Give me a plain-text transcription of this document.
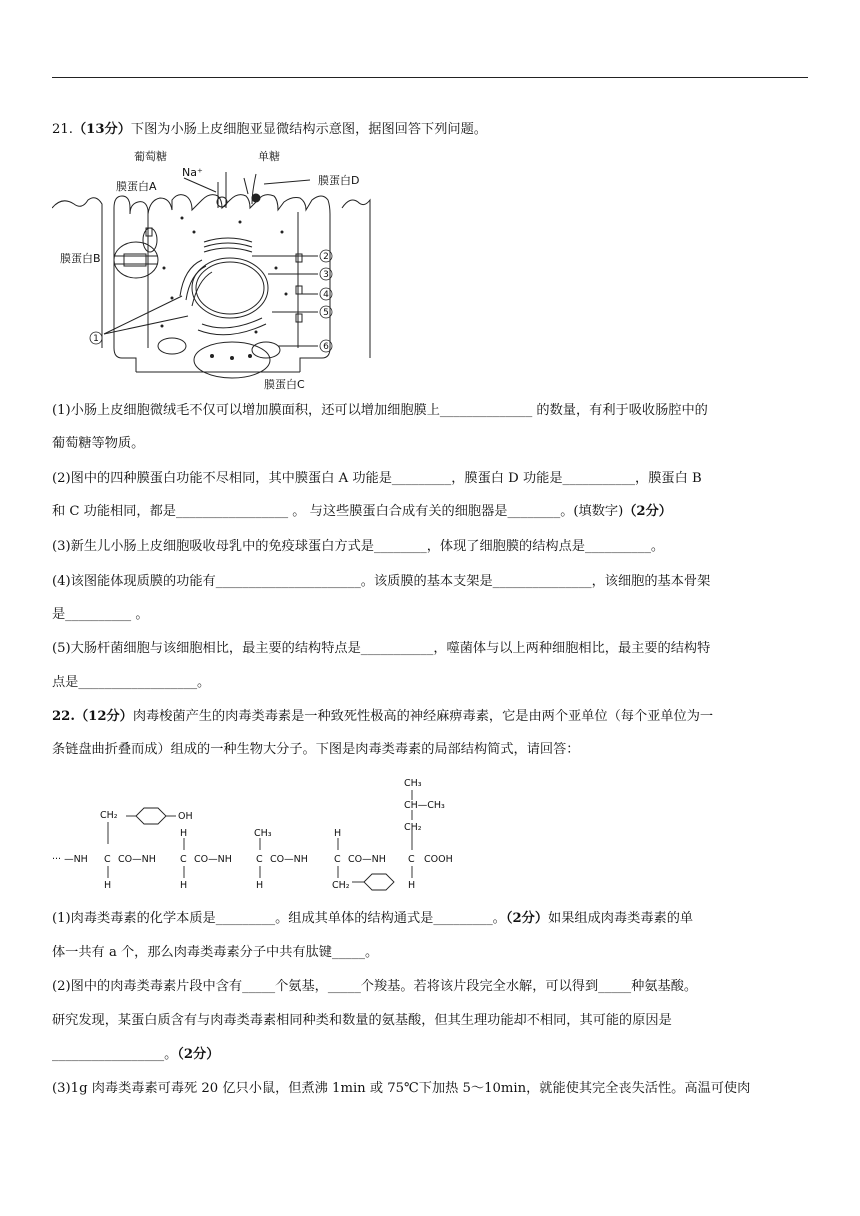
21.（13分）下图为小肠上皮细胞亚显微结构示意图，据图回答下列问题。
葡萄糖	单糖
Na⁺
膜蛋白A	膜蛋白D
膜蛋白B
膜蛋白C
1
2
3
4
5
6
(1)小肠上皮细胞微绒毛不仅可以增加膜面积，还可以增加细胞膜上______________ 的数量，有利于吸收肠腔中的
葡萄糖等物质。
(2)图中的四种膜蛋白功能不尽相同，其中膜蛋白 A 功能是_________，膜蛋白 D 功能是___________，膜蛋白 B
和 C 功能相同，都是_________________ 。 与这些膜蛋白合成有关的细胞器是________。(填数字)（2分）
(3)新生儿小肠上皮细胞吸收母乳中的免疫球蛋白方式是________，体现了细胞膜的结构点是__________。
(4)该图能体现质膜的功能有______________________。该质膜的基本支架是_______________，该细胞的基本骨架
是__________ 。
(5)大肠杆菌细胞与该细胞相比，最主要的结构特点是___________，噬菌体与以上两种细胞相比，最主要的结构特
点是__________________。
22.（12分）肉毒梭菌产生的肉毒类毒素是一种致死性极高的神经麻痹毒素，它是由两个亚单位（每个亚单位为一
条链盘曲折叠而成）组成的一种生物大分子。下图是肉毒类毒素的局部结构简式，请回答：
CH₂	OH
CH₃
CH—CH₃
CH₂
CH₃
H	H
··· —NH C CO—NH	C CO—NH	C CO—NH	C CO—NH C COOH
H	H	H	CH₂	H
(1)肉毒类毒素的化学本质是_________。组成其单体的结构通式是_________。（2分）如果组成肉毒类毒素的单
体一共有 a 个，那么肉毒类毒素分子中共有肽键_____。
(2)图中的肉毒类毒素片段中含有_____个氨基，_____个羧基。若将该片段完全水解，可以得到_____种氨基酸。
研究发现，某蛋白质含有与肉毒类毒素相同种类和数量的氨基酸，但其生理功能却不相同，其可能的原因是
_________________。（2分）
(3)1g 肉毒类毒素可毒死 20 亿只小鼠，但煮沸 1min 或 75℃下加热 5～10min，就能使其完全丧失活性。高温可使肉
